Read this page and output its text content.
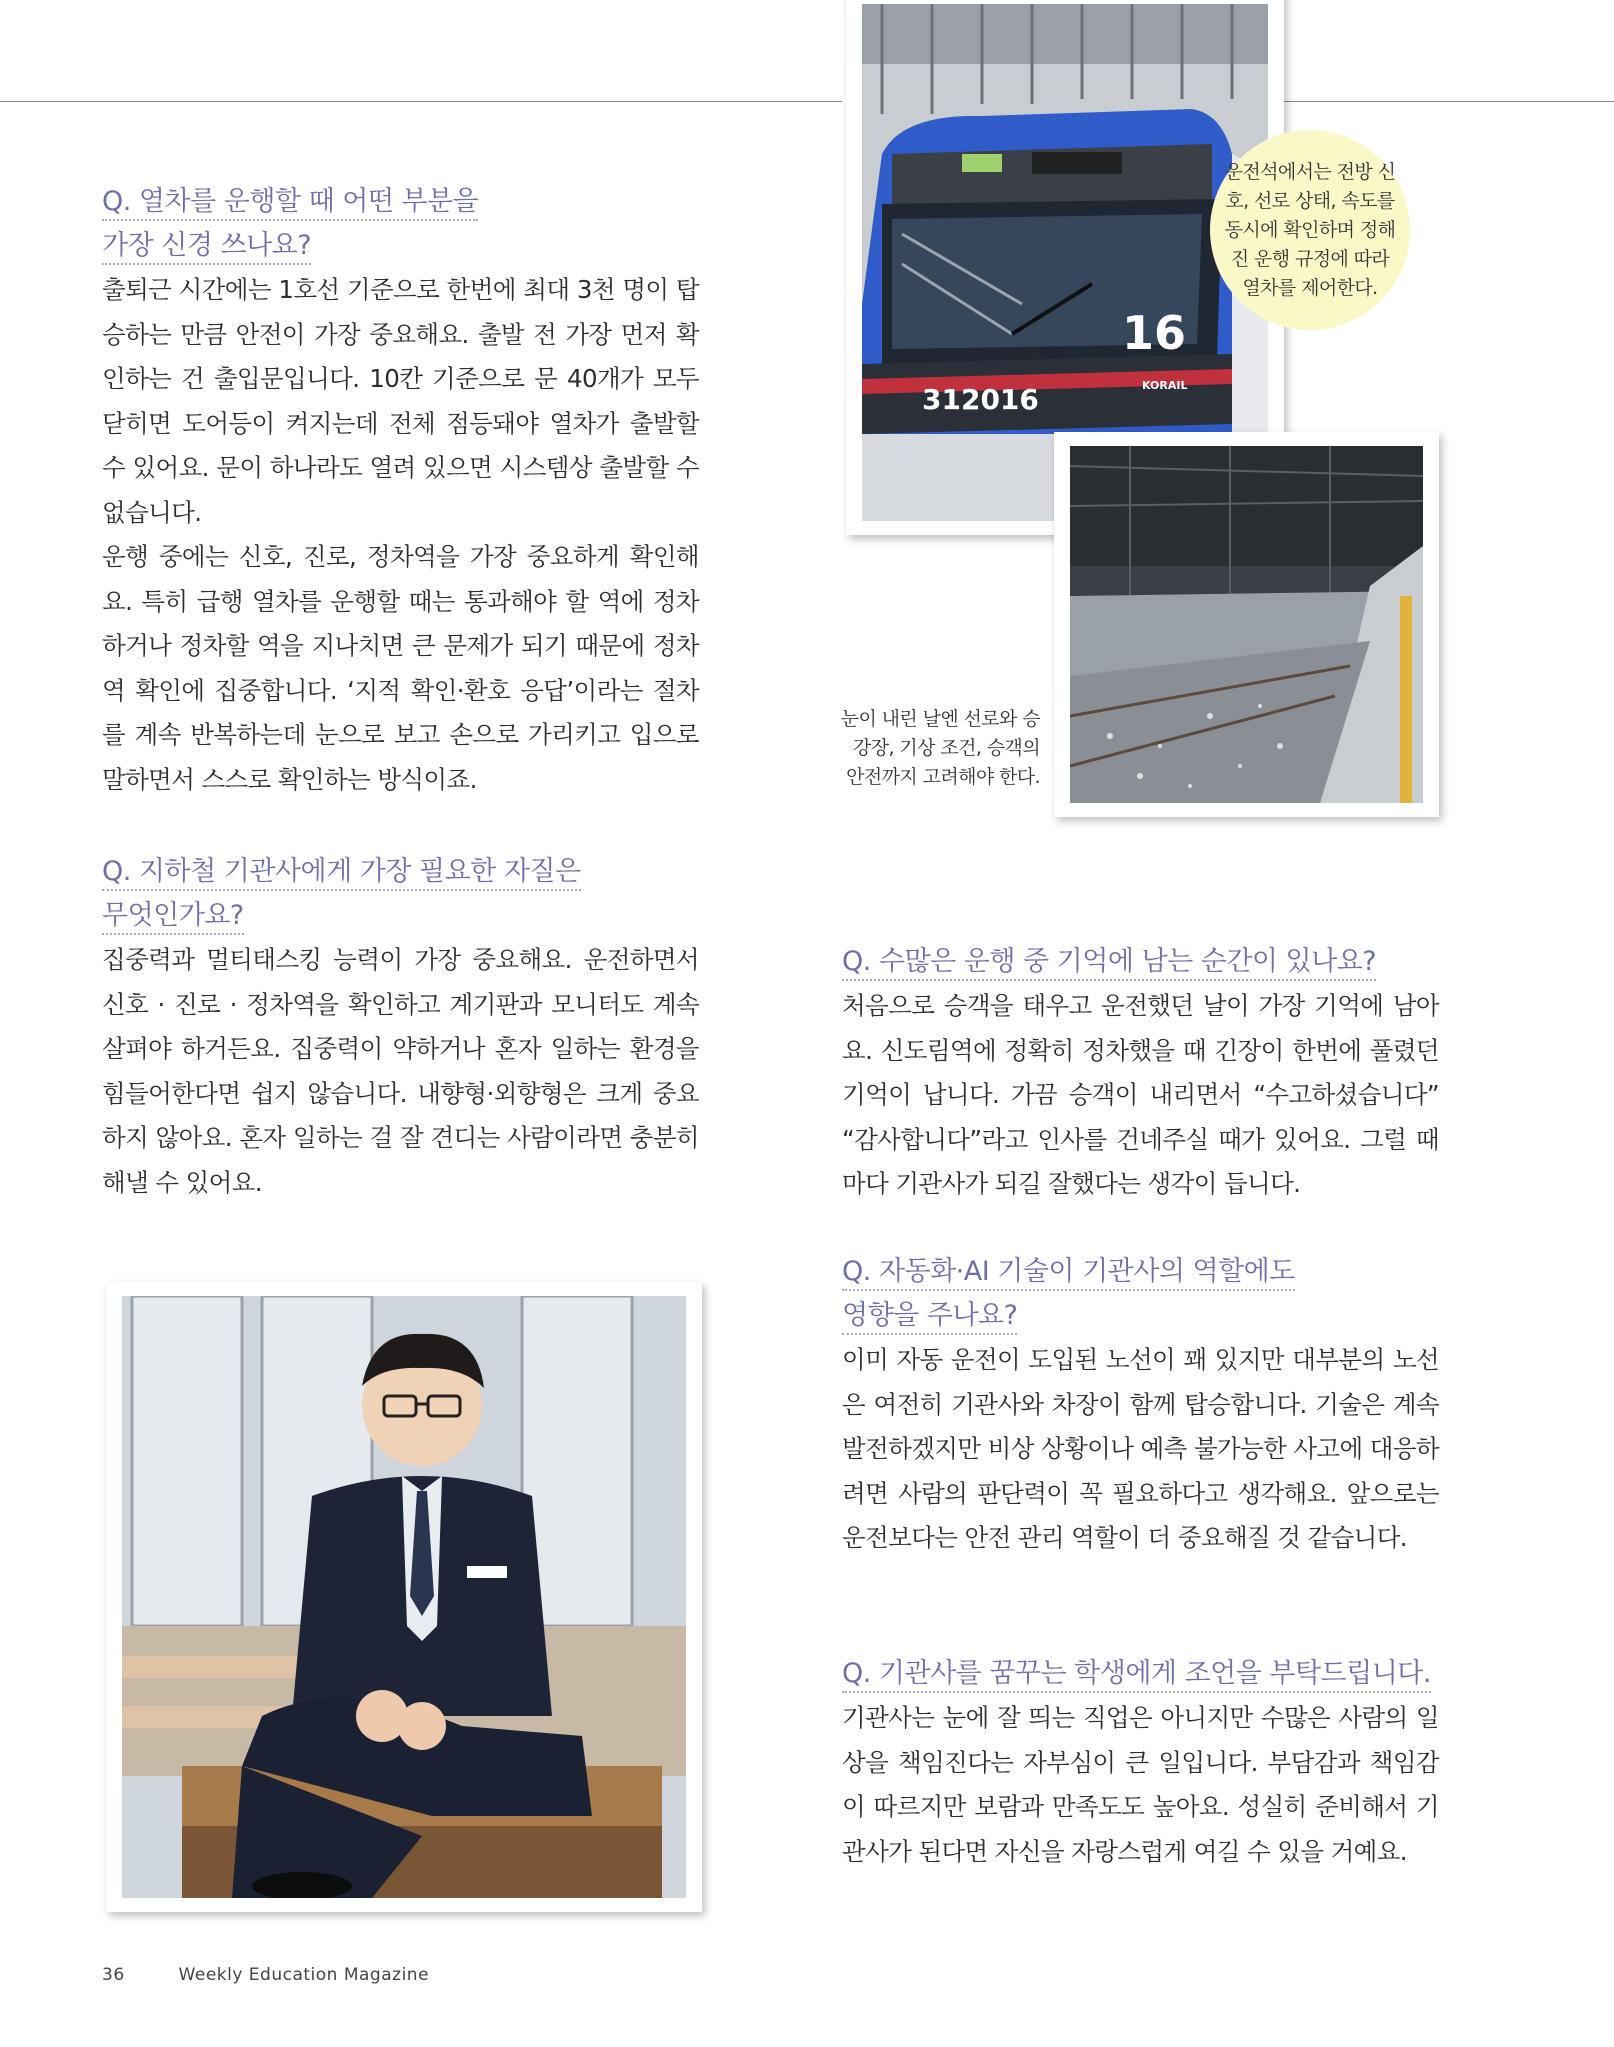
Q. 열차를 운행할 때 어떤 부분을
가장 신경 쓰나요?

출퇴근 시간에는 1호선 기준으로 한번에 최대 3천 명이 탑승하는 만큼 안전이 가장 중요해요. 출발 전 가장 먼저 확인하는 건 출입문입니다. 10칸 기준으로 문 40개가 모두 닫히면 도어등이 켜지는데 전체 점등돼야 열차가 출발할 수 있어요. 문이 하나라도 열려 있으면 시스템상 출발할 수 없습니다.
운행 중에는 신호, 진로, 정차역을 가장 중요하게 확인해요. 특히 급행 열차를 운행할 때는 통과해야 할 역에 정차하거나 정차할 역을 지나치면 큰 문제가 되기 때문에 정차역 확인에 집중합니다. ‘지적 확인·환호 응답’이라는 절차를 계속 반복하는데 눈으로 보고 손으로 가리키고 입으로 말하면서 스스로 확인하는 방식이죠.

Q. 지하철 기관사에게 가장 필요한 자질은
무엇인가요?

집중력과 멀티태스킹 능력이 가장 중요해요. 운전하면서 신호 · 진로 · 정차역을 확인하고 계기판과 모니터도 계속 살펴야 하거든요. 집중력이 약하거나 혼자 일하는 환경을 힘들어한다면 쉽지 않습니다. 내향형·외향형은 크게 중요하지 않아요. 혼자 일하는 걸 잘 견디는 사람이라면 충분히 해낼 수 있어요.

Q. 수많은 운행 중 기억에 남는 순간이 있나요?

처음으로 승객을 태우고 운전했던 날이 가장 기억에 남아요. 신도림역에 정확히 정차했을 때 긴장이 한번에 풀렸던 기억이 납니다. 가끔 승객이 내리면서 “수고하셨습니다” “감사합니다”라고 인사를 건네주실 때가 있어요. 그럴 때마다 기관사가 되길 잘했다는 생각이 듭니다.

Q. 자동화·AI 기술이 기관사의 역할에도
영향을 주나요?

이미 자동 운전이 도입된 노선이 꽤 있지만 대부분의 노선은 여전히 기관사와 차장이 함께 탑승합니다. 기술은 계속 발전하겠지만 비상 상황이나 예측 불가능한 사고에 대응하려면 사람의 판단력이 꼭 필요하다고 생각해요. 앞으로는 운전보다는 안전 관리 역할이 더 중요해질 것 같습니다.

Q. 기관사를 꿈꾸는 학생에게 조언을 부탁드립니다.

기관사는 눈에 잘 띄는 직업은 아니지만 수많은 사람의 일상을 책임진다는 자부심이 큰 일입니다. 부담감과 책임감이 따르지만 보람과 만족도도 높아요. 성실히 준비해서 기관사가 된다면 자신을 자랑스럽게 여길 수 있을 거예요.

16
312016	KORAIL

운전석에서는 전방 신호, 선로 상태, 속도를 동시에 확인하며 정해진 운행 규정에 따라 열차를 제어한다.

눈이 내린 날엔 선로와 승강장, 기상 조건, 승객의 안전까지 고려해야 한다.

36	Weekly Education Magazine
